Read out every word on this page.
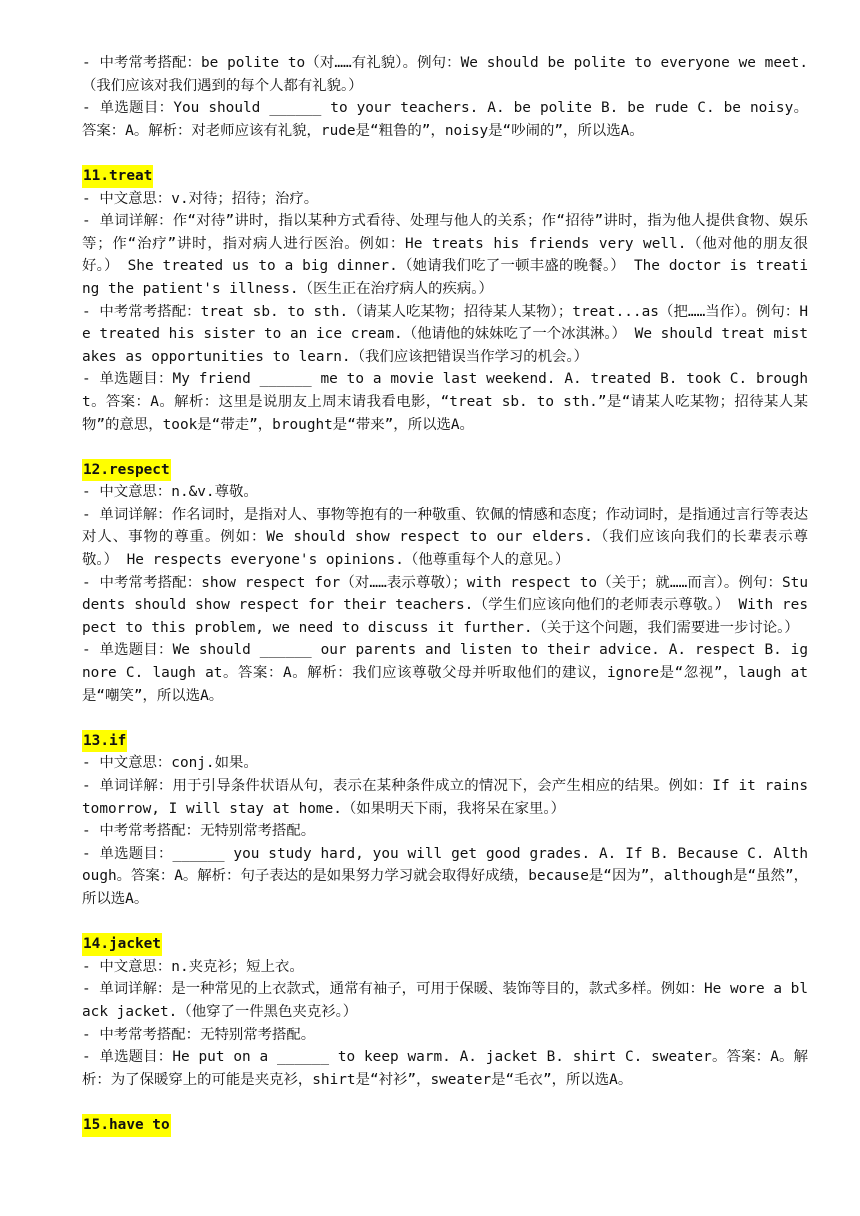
- 中考常考搭配：be polite to（对……有礼貌）。例句：We should be polite to everyone we meet.（我们应该对我们遇到的每个人都有礼貌。）

- 单选题目：You should ______ to your teachers. A. be polite B. be rude C. be noisy。答案：A。解析：对老师应该有礼貌，rude是“粗鲁的”，noisy是“吵闹的”，所以选A。

11.treat

- 中文意思：v.对待；招待；治疗。

- 单词详解：作“对待”讲时，指以某种方式看待、处理与他人的关系；作“招待”讲时，指为他人提供食物、娱乐等；作“治疗”讲时，指对病人进行医治。例如：He treats his friends very well.（他对他的朋友很好。） She treated us to a big dinner.（她请我们吃了一顿丰盛的晚餐。） The doctor is treating the patient's illness.（医生正在治疗病人的疾病。）

- 中考常考搭配：treat sb. to sth.（请某人吃某物；招待某人某物）；treat...as（把……当作）。例句：He treated his sister to an ice cream.（他请他的妹妹吃了一个冰淇淋。） We should treat mistakes as opportunities to learn.（我们应该把错误当作学习的机会。）

- 单选题目：My friend ______ me to a movie last weekend. A. treated B. took C. brought。答案：A。解析：这里是说朋友上周末请我看电影，“treat sb. to sth.”是“请某人吃某物；招待某人某物”的意思，took是“带走”，brought是“带来”，所以选A。

12.respect

- 中文意思：n.&v.尊敬。

- 单词详解：作名词时，是指对人、事物等抱有的一种敬重、钦佩的情感和态度；作动词时，是指通过言行等表达对人、事物的尊重。例如：We should show respect to our elders.（我们应该向我们的长辈表示尊敬。） He respects everyone's opinions.（他尊重每个人的意见。）

- 中考常考搭配：show respect for（对……表示尊敬）；with respect to（关于；就……而言）。例句：Students should show respect for their teachers.（学生们应该向他们的老师表示尊敬。） With respect to this problem, we need to discuss it further.（关于这个问题，我们需要进一步讨论。）

- 单选题目：We should ______ our parents and listen to their advice. A. respect B. ignore C. laugh at。答案：A。解析：我们应该尊敬父母并听取他们的建议，ignore是“忽视”，laugh at是“嘲笑”，所以选A。

13.if

- 中文意思：conj.如果。

- 单词详解：用于引导条件状语从句，表示在某种条件成立的情况下，会产生相应的结果。例如：If it rains tomorrow, I will stay at home.（如果明天下雨，我将呆在家里。）

- 中考常考搭配：无特别常考搭配。

- 单选题目：______ you study hard, you will get good grades. A. If B. Because C. Although。答案：A。解析：句子表达的是如果努力学习就会取得好成绩，because是“因为”，although是“虽然”，所以选A。

14.jacket

- 中文意思：n.夹克衫；短上衣。

- 单词详解：是一种常见的上衣款式，通常有袖子，可用于保暖、装饰等目的，款式多样。例如：He wore a black jacket.（他穿了一件黑色夹克衫。）

- 中考常考搭配：无特别常考搭配。

- 单选题目：He put on a ______ to keep warm. A. jacket B. shirt C. sweater。答案：A。解析：为了保暖穿上的可能是夹克衫，shirt是“衬衫”，sweater是“毛衣”，所以选A。

15.have to
